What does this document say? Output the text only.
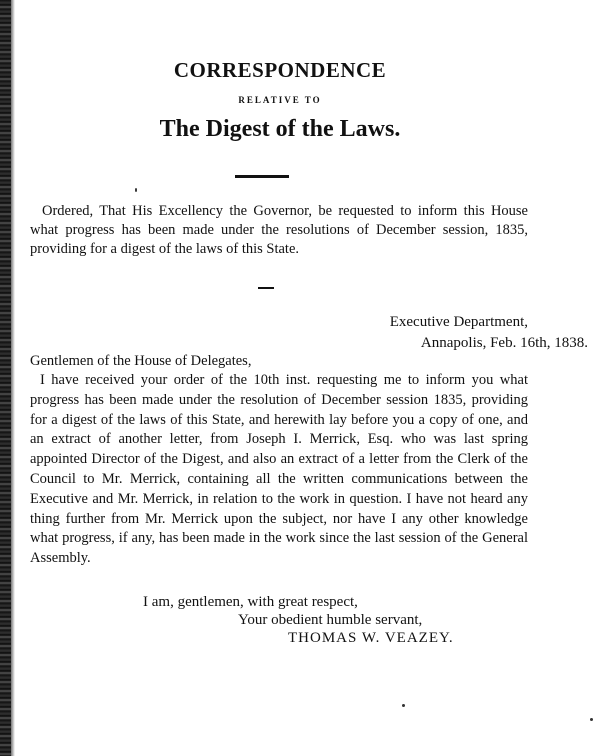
CORRESPONDENCE
RELATIVE TO
The Digest of the Laws.

Ordered, That His Excellency the Governor, be requested to inform this House what progress has been made under the resolutions of December session, 1835, providing for a digest of the laws of this State.

Executive Department,
Annapolis, Feb. 16th, 1838.
Gentlemen of the House of Delegates,

I have received your order of the 10th inst. requesting me to inform you what progress has been made under the resolution of December session 1835, providing for a digest of the laws of this State, and herewith lay before you a copy of one, and an extract of another letter, from Joseph I. Merrick, Esq. who was last spring appointed Director of the Digest, and also an extract of a letter from the Clerk of the Council to Mr. Merrick, containing all the written communications between the Executive and Mr. Merrick, in relation to the work in question. I have not heard any thing further from Mr. Merrick upon the subject, nor have I any other knowledge what progress, if any, has been made in the work since the last session of the General Assembly.

I am, gentlemen, with great respect,
Your obedient humble servant,
THOMAS W. VEAZEY.
